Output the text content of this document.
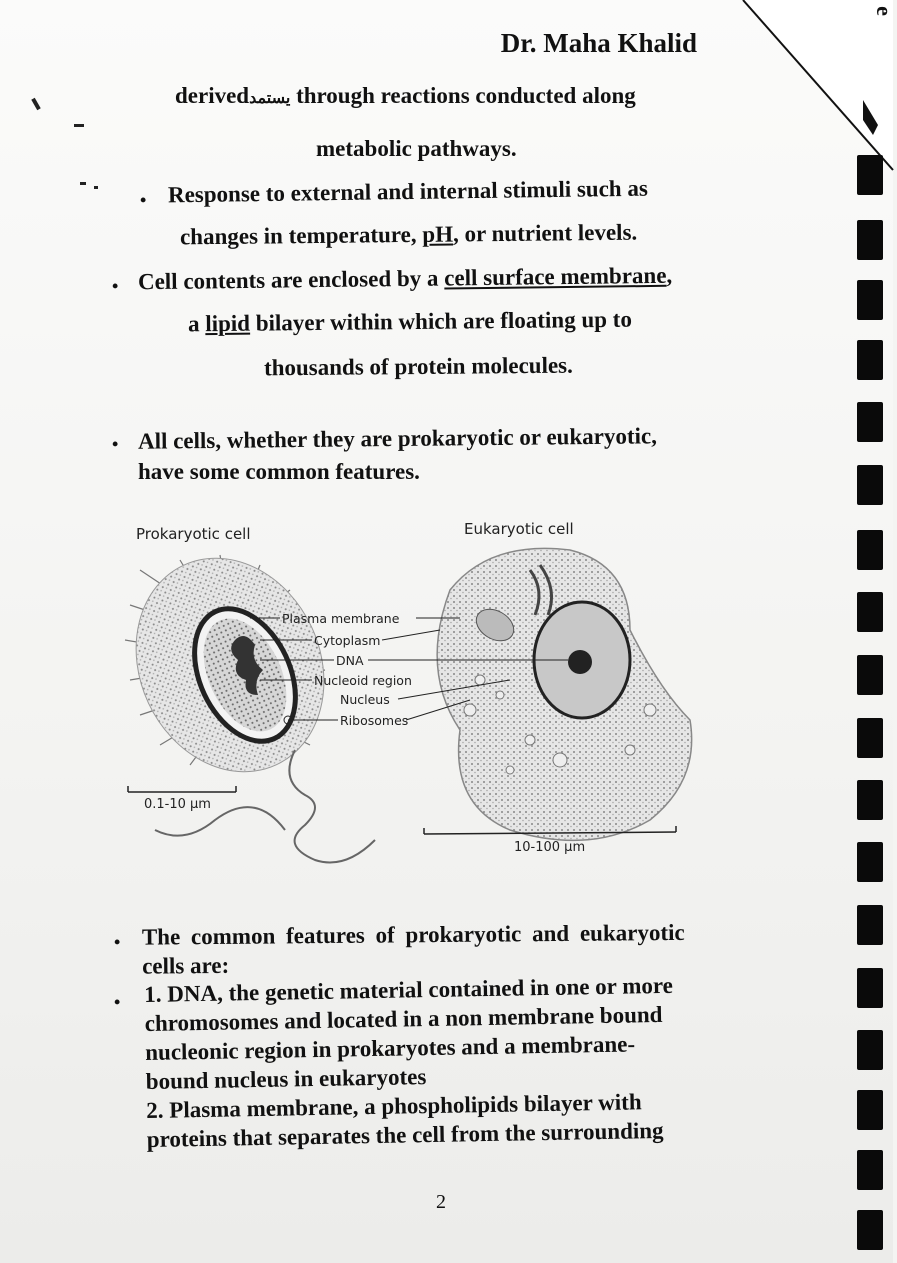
e
Dr. Maha Khalid
derivedيستمد through reactions conducted along
metabolic pathways.
• Response to external and internal stimuli such as
changes in temperature, pH, or nutrient levels.
• Cell contents are enclosed by a cell surface membrane,
a lipid bilayer within which are floating up to
thousands of protein molecules.
• All cells, whether they are prokaryotic or eukaryotic,
have some common features.
Prokaryotic cell	Eukaryotic cell
Plasma membrane
Cytoplasm
DNA
Nucleoid region
Nucleus
Ribosomes
0.1-10 µm
10-100 µm
• The common features of prokaryotic and eukaryotic
cells are:
• 1. DNA, the genetic material contained in one or more
chromosomes and located in a non membrane bound
nucleonic region in prokaryotes and a membrane-
bound nucleus in eukaryotes
2. Plasma membrane, a phospholipids bilayer with
proteins that separates the cell from the surrounding
2
